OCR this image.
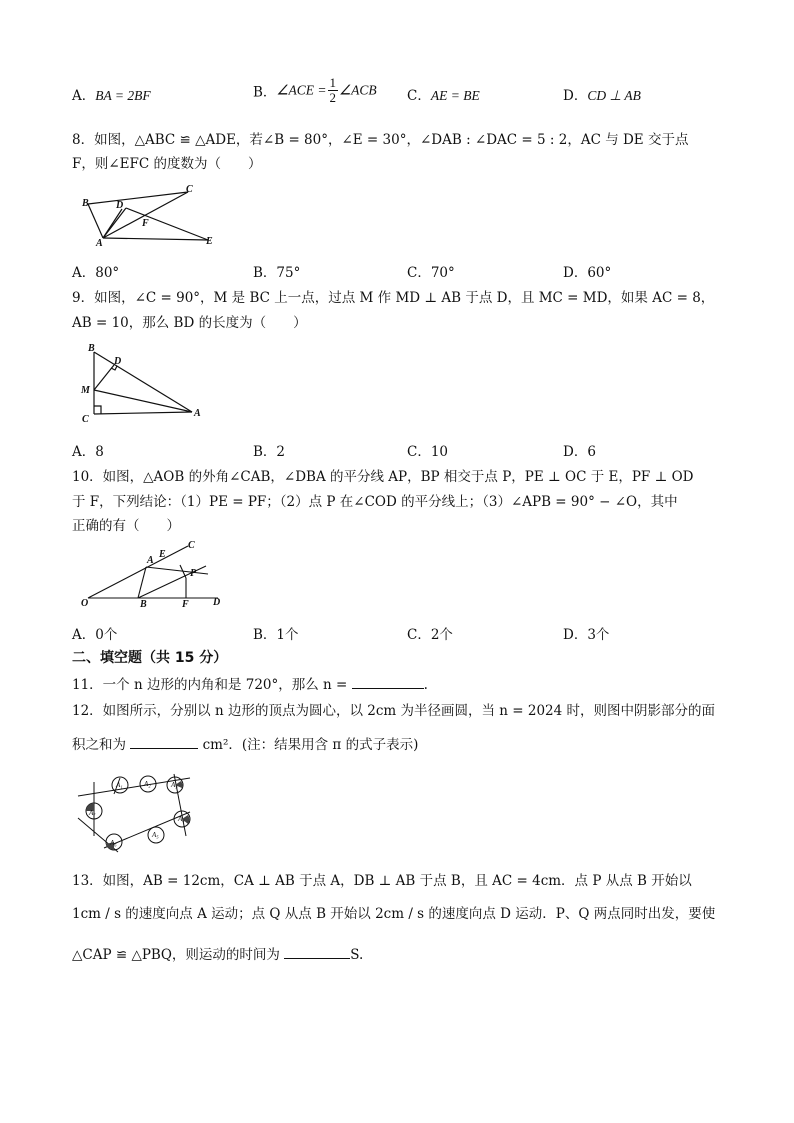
A．BA = 2BF	B．∠ACE = $\frac{1}{2}$ ∠ACB C．AE = BE	D．CD ⊥ AB
8．如图，△ABC ≌ △ADE，若∠B = 80°，∠E = 30°，∠DAB : ∠DAC = 5 : 2，AC 与 DE 交于点
F，则∠EFC 的度数为（　　）
B	D
C
F
A	E
A．80°	B．75°	C．70°	D．60°
9．如图，∠C = 90°，M 是 BC 上一点，过点 M 作 MD ⊥ AB 于点 D，且 MC = MD，如果 AC = 8，
AB = 10，那么 BD 的长度为（　　）
B
D
M
C
A
A．8	B．2	C．10	D．6
10．如图，△AOB 的外角∠CAB，∠DBA 的平分线 AP，BP 相交于点 P，PE ⊥ OC 于 E，PF ⊥ OD
于 F，下列结论：（1）PE = PF；（2）点 P 在∠COD 的平分线上；（3）∠APB = 90° − ∠O，其中
正确的有（　　）
A
E
C
P
O	B	F D
A．0个	B．1个	C．2个	D．3个
二、填空题（共 15 分）
11．一个 n 边形的内角和是 720°，那么 n =	.
12．如图所示，分别以 n 边形的顶点为圆心，以 2cm 为半径画圆，当 n = 2024 时，则图中阴影部分的面
积之和为	cm²．(注：结果用含 π 的式子表示)
A₁	A₂	A₃
A₄
A₅
A₆
A₇
13．如图，AB = 12cm，CA ⊥ AB 于点 A，DB ⊥ AB 于点 B，且 AC = 4cm．点 P 从点 B 开始以
1cm / s 的速度向点 A 运动；点 Q 从点 B 开始以 2cm / s 的速度向点 D 运动．P、Q 两点同时出发，要使
△CAP ≌ △PBQ，则运动的时间为	S.
